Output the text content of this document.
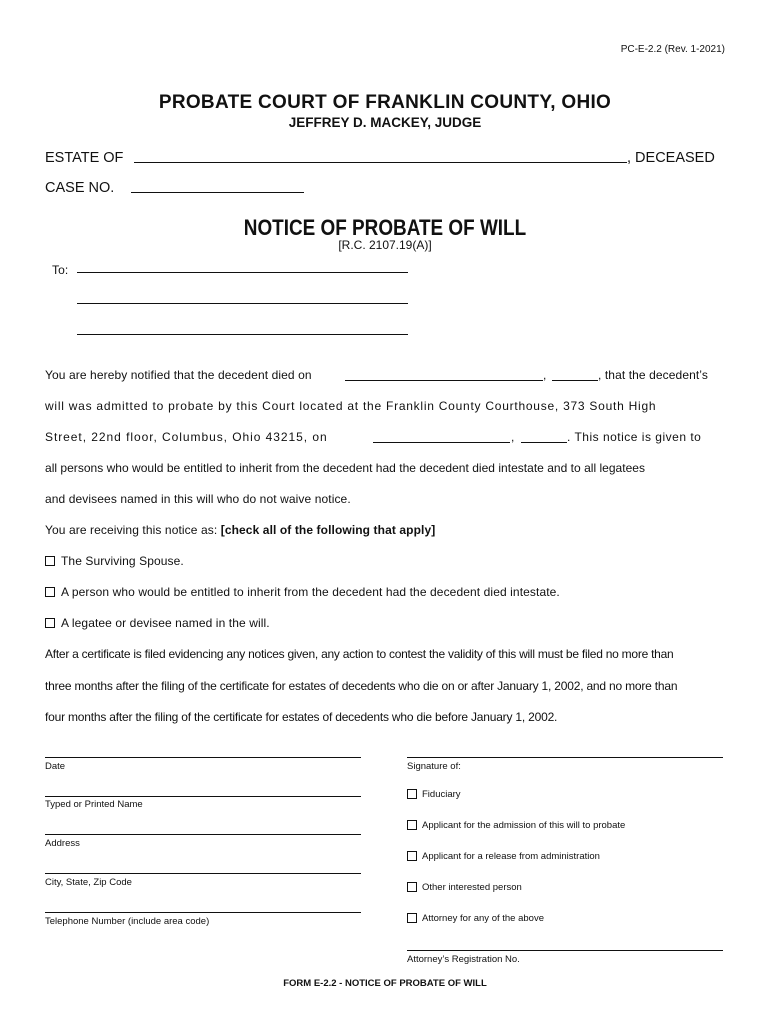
PC-E-2.2 (Rev. 1-2021)
PROBATE COURT OF FRANKLIN COUNTY, OHIO
JEFFREY D. MACKEY, JUDGE
ESTATE OF	, DECEASED
CASE NO.
NOTICE OF PROBATE OF WILL
[R.C. 2107.19(A)]
To:
You are hereby notified that the decedent died on	,	, that the decedent’s
will was admitted to probate by this Court located at the Franklin County Courthouse, 373 South High
Street, 22nd floor, Columbus, Ohio 43215, on	,	. This notice is given to
all persons who would be entitled to inherit from the decedent had the decedent died intestate and to all legatees
and devisees named in this will who do not waive notice.
You are receiving this notice as: [check all of the following that apply]
The Surviving Spouse.
A person who would be entitled to inherit from the decedent had the decedent died intestate.
A legatee or devisee named in the will.
After a certificate is filed evidencing any notices given, any action to contest the validity of this will must be filed no more than
three months after the filing of the certificate for estates of decedents who die on or after January 1, 2002, and no more than
four months after the filing of the certificate for estates of decedents who die before January 1, 2002.
Date
Typed or Printed Name
Address
City, State, Zip Code
Telephone Number (include area code)
Signature of:
Fiduciary
Applicant for the admission of this will to probate
Applicant for a release from administration
Other interested person
Attorney for any of the above
Attorney’s Registration No.
FORM E-2.2 - NOTICE OF PROBATE OF WILL
